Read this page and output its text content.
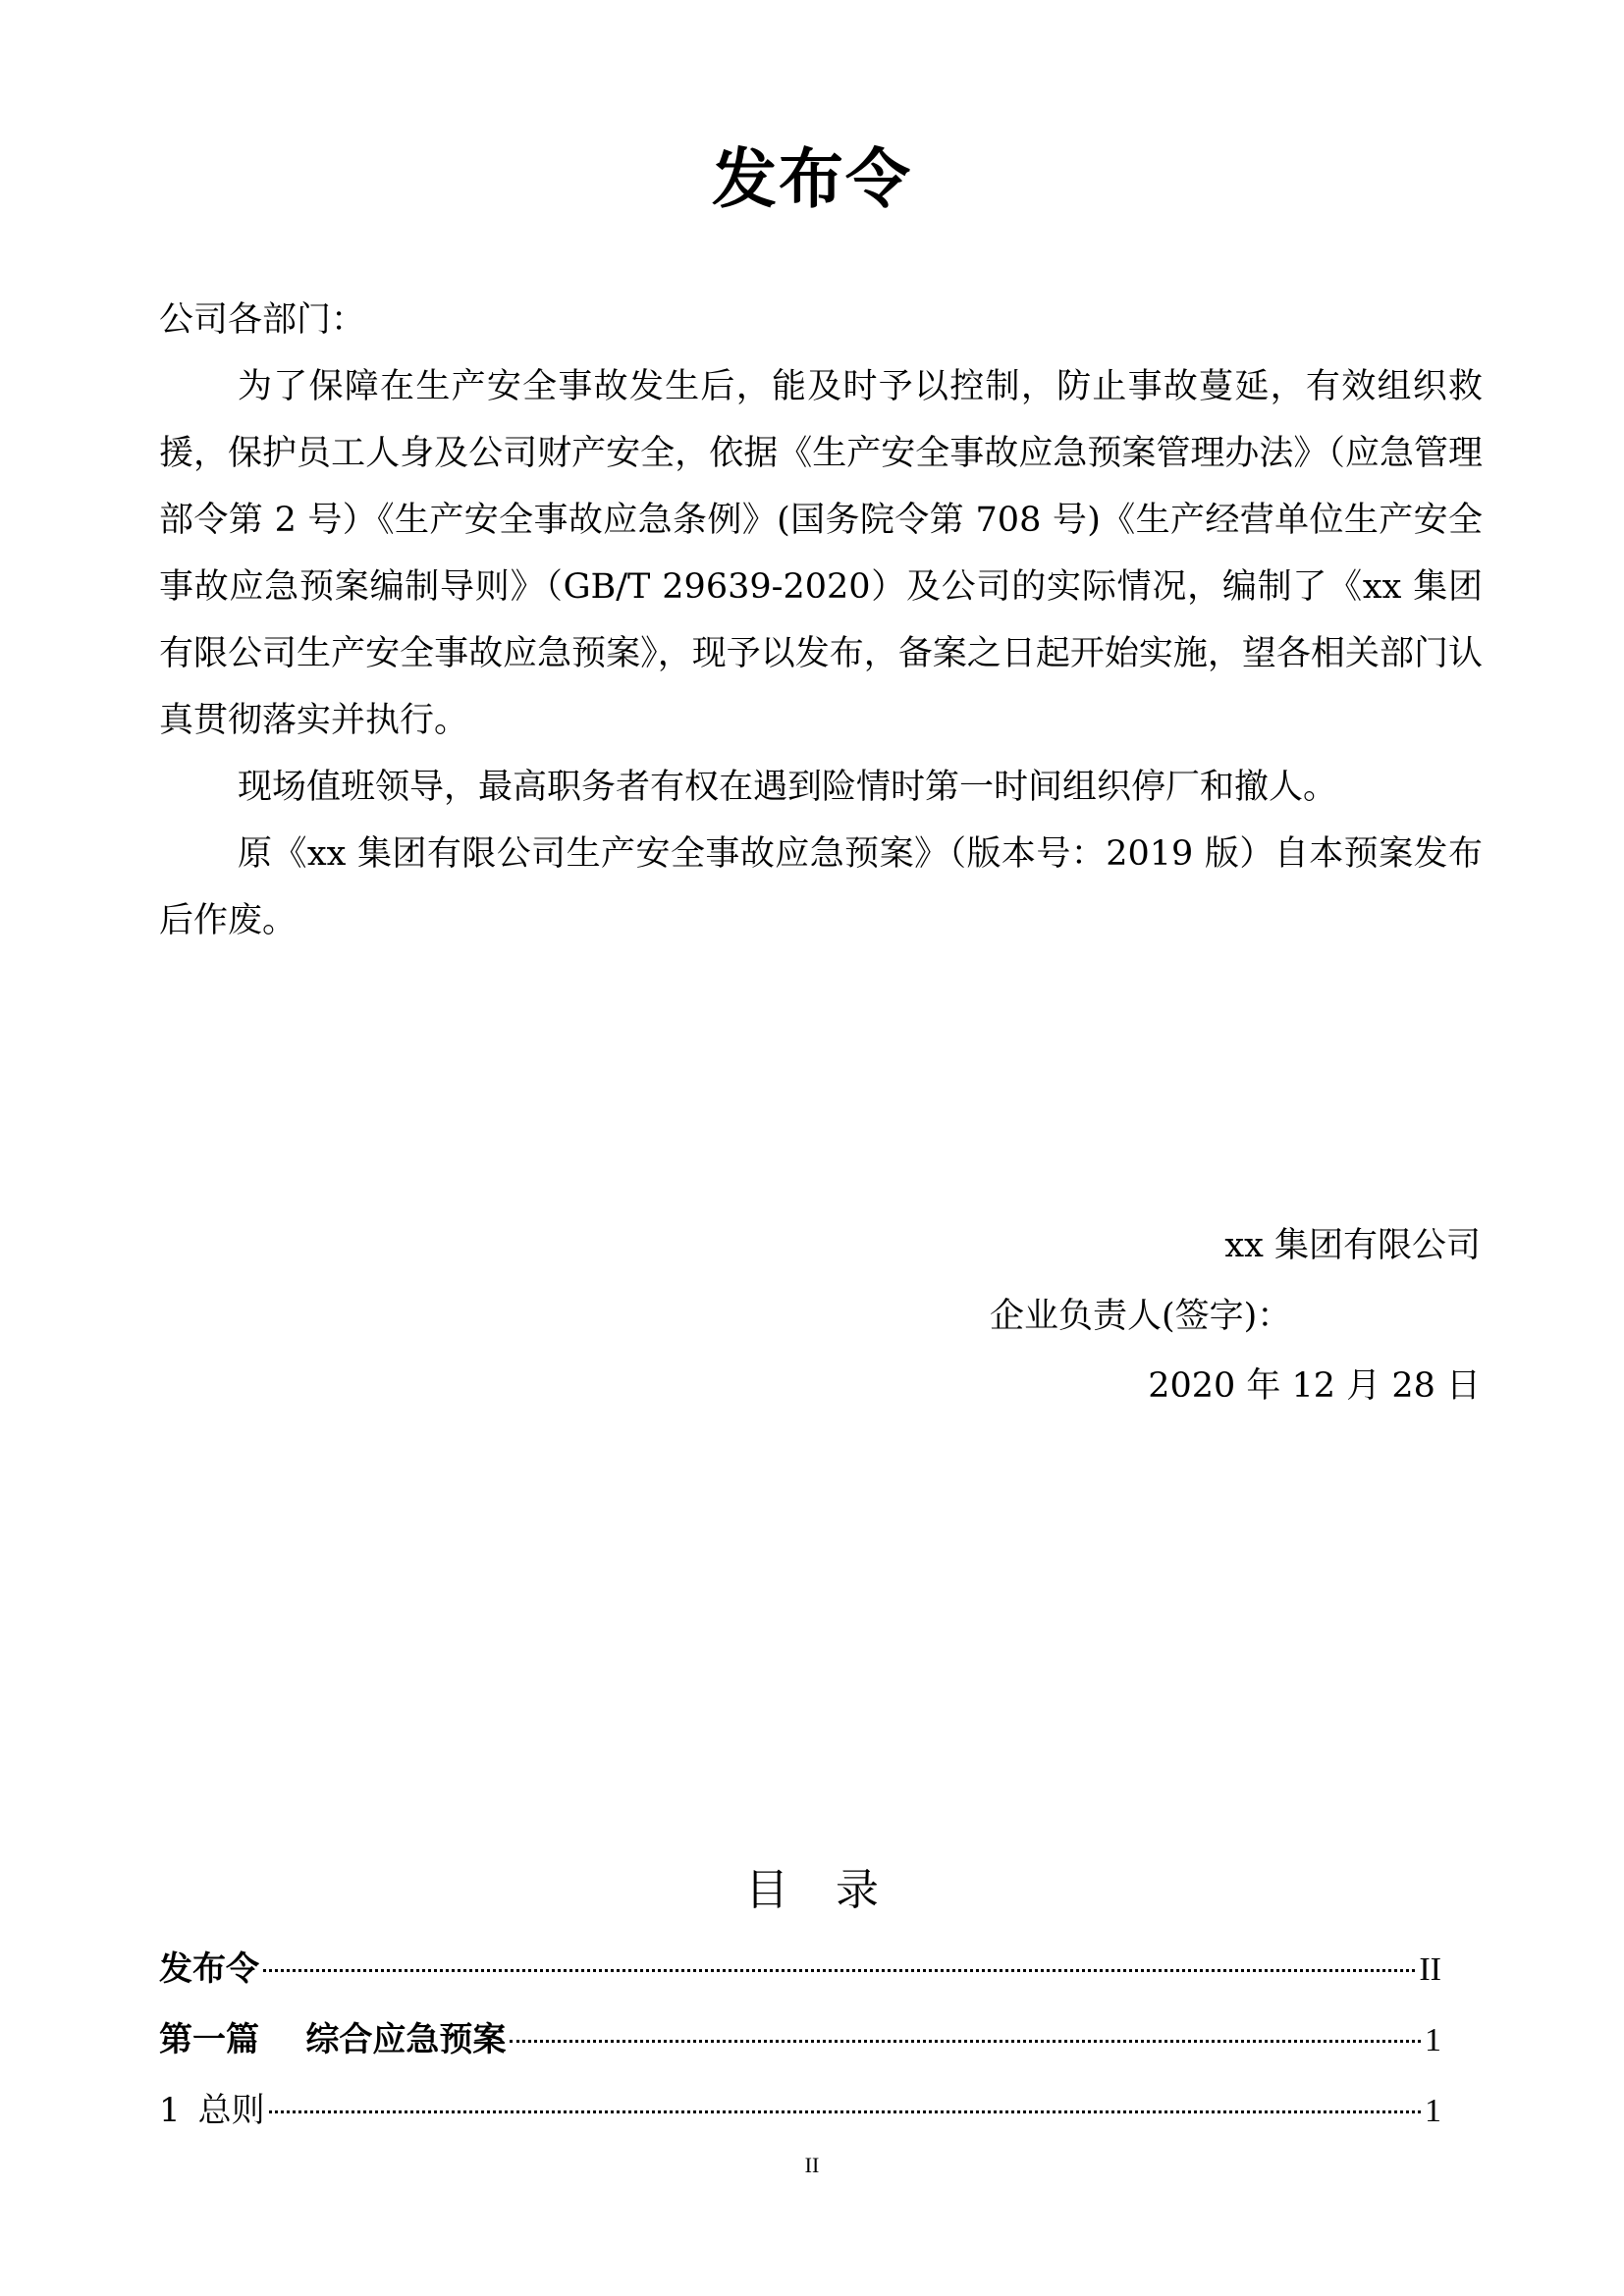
发布令

公司各部门：

为了保障在生产安全事故发生后，能及时予以控制，防止事故蔓延，有效组织救援，保护员工人身及公司财产安全，依据《生产安全事故应急预案管理办法》（应急管理部令第 2 号）《生产安全事故应急条例》(国务院令第 708 号)《生产经营单位生产安全事故应急预案编制导则》（GB/T 29639-2020）及公司的实际情况，编制了《xx 集团有限公司生产安全事故应急预案》，现予以发布，备案之日起开始实施，望各相关部门认真贯彻落实并执行。

现场值班领导，最高职务者有权在遇到险情时第一时间组织停厂和撤人。

原《xx 集团有限公司生产安全事故应急预案》（版本号：2019 版）自本预案发布后作废。

xx 集团有限公司
企业负责人(签字)：
2020 年 12 月 28 日
目 录
发布令	II
第一篇    综合应急预案	1
1 总则	1
II
